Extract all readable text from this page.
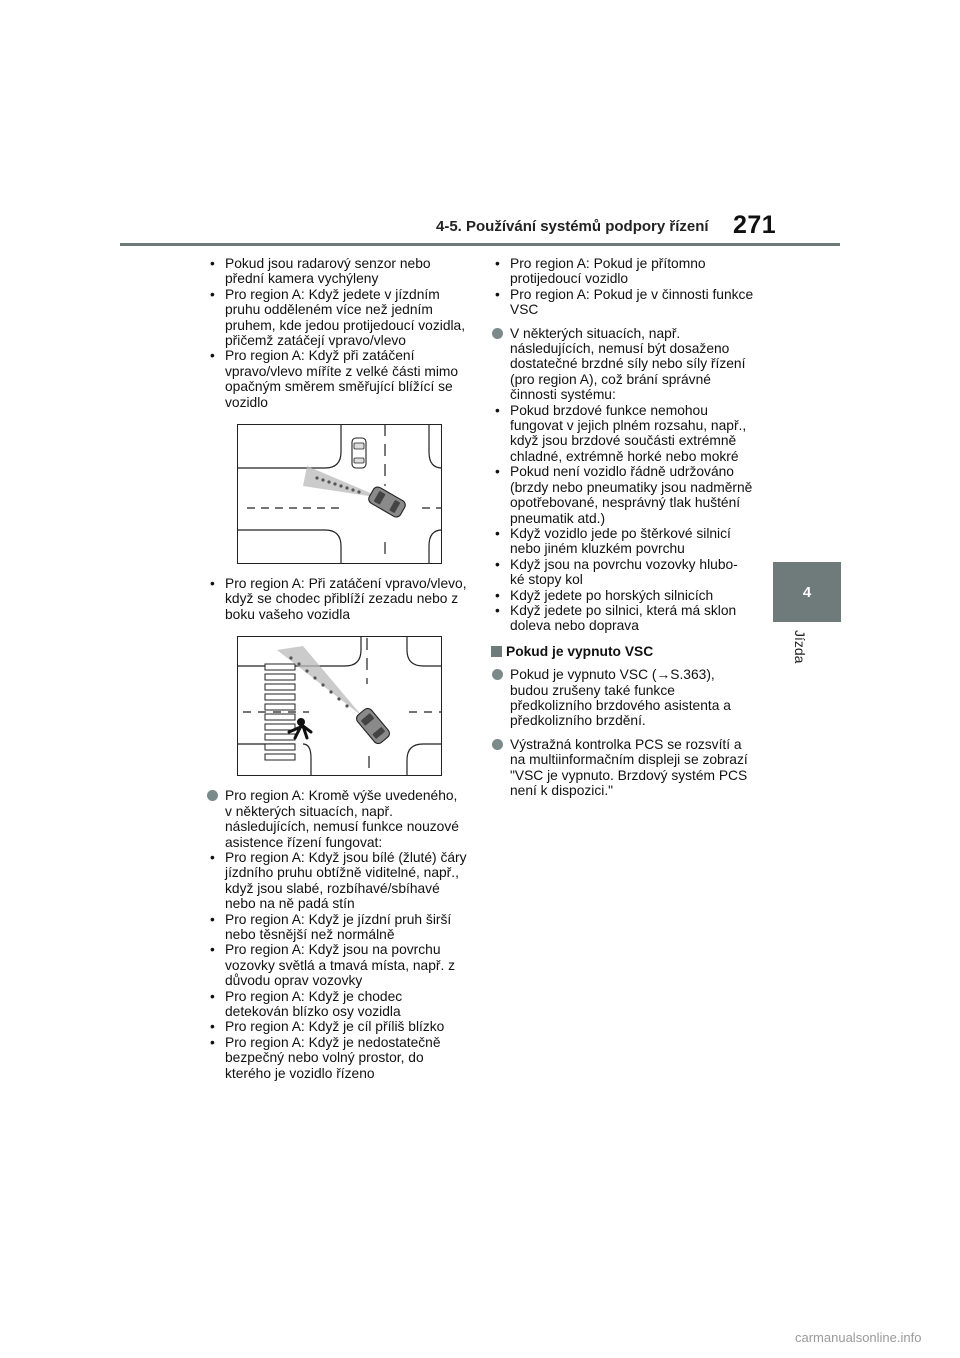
4-5. Používání systémů podpory řízení 271
4
Jízda
• Pokud jsou radarový senzor nebo přední kamera vychýleny
• Pro region A: Když jedete v jízdním pruhu odděleném více než jedním pruhem, kde jedou protijedoucí vozidla, přičemž zatáčejí vpravo/vlevo
• Pro region A: Když při zatáčení vpravo/vlevo míříte z velké části mimo opačným směrem směřující blížící se vozidlo
• Pro region A: Při zatáčení vpravo/vlevo, když se chodec přiblíží zezadu nebo z boku vašeho vozidla

Pro region A: Kromě výše uvedeného, v některých situacích, např. následujících, nemusí funkce nouzové asistence řízení fungovat:

• Pro region A: Když jsou bílé (žluté) čáry jízdního pruhu obtížně viditelné, např., když jsou slabé, rozbíhavé/sbíhavé nebo na ně padá stín
• Pro region A: Když je jízdní pruh širší nebo těsnější než normálně
• Pro region A: Když jsou na povrchu vozovky světlá a tmavá místa, např. z důvodu oprav vozovky
• Pro region A: Když je chodec detekován blízko osy vozidla
• Pro region A: Když je cíl příliš blízko
• Pro region A: Když je nedostatečně bezpečný nebo volný prostor, do kterého je vozidlo řízeno
• Pro region A: Pokud je přítomno protijedoucí vozidlo
• Pro region A: Pokud je v činnosti funkce VSC

V některých situacích, např. následujících, nemusí být dosaženo dostatečné brzdné síly nebo síly řízení (pro region A), což brání správné činnosti systému:

• Pokud brzdové funkce nemohou fungovat v jejich plném rozsahu, např., když jsou brzdové součásti extrémně chladné, extrémně horké nebo mokré
• Pokud není vozidlo řádně udržováno (brzdy nebo pneumatiky jsou nadměrně opotřebované, nesprávný tlak hušténí pneumatik atd.)
• Když vozidlo jede po štěrkové silnicí nebo jiném kluzkém povrchu
• Když jsou na povrchu vozovky hlubo- ké stopy kol
• Když jedete po horských silnicích
• Když jedete po silnici, která má sklon doleva nebo doprava

Pokud je vypnuto VSC

Pokud je vypnuto VSC (→S.363), budou zrušeny také funkce předkolizního brzdového asistenta a předkolizního brzdění.

Výstražná kontrolka PCS se rozsvítí a na multiinformačním displeji se zobrazí "VSC je vypnuto. Brzdový systém PCS není k dispozici."

carmanualsonline.info
